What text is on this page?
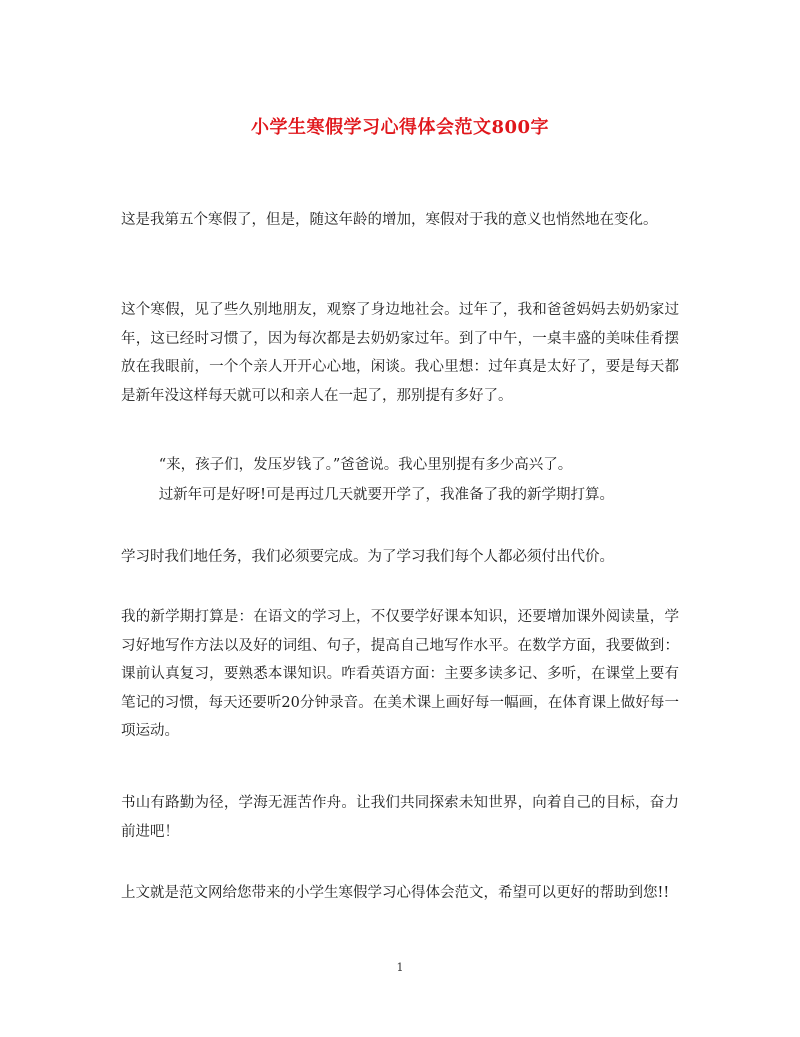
小学生寒假学习心得体会范文800字

这是我第五个寒假了，但是，随这年龄的增加，寒假对于我的意义也悄然地在变化。

这个寒假，见了些久别地朋友，观察了身边地社会。过年了，我和爸爸妈妈去奶奶家过年，这已经时习惯了，因为每次都是去奶奶家过年。到了中午，一桌丰盛的美味佳肴摆放在我眼前，一个个亲人开开心心地，闲谈。我心里想：过年真是太好了，要是每天都是新年没这样每天就可以和亲人在一起了，那别提有多好了。

“来，孩子们，发压岁钱了。”爸爸说。我心里别提有多少高兴了。

过新年可是好呀!可是再过几天就要开学了，我准备了我的新学期打算。

学习时我们地任务，我们必须要完成。为了学习我们每个人都必须付出代价。

我的新学期打算是：在语文的学习上，不仅要学好课本知识，还要增加课外阅读量，学习好地写作方法以及好的词组、句子，提高自己地写作水平。在数学方面，我要做到：课前认真复习，要熟悉本课知识。咋看英语方面：主要多读多记、多听，在课堂上要有笔记的习惯，每天还要听20分钟录音。在美术课上画好每一幅画，在体育课上做好每一项运动。

书山有路勤为径，学海无涯苦作舟。让我们共同探索未知世界，向着自己的目标，奋力前进吧！

上文就是范文网给您带来的小学生寒假学习心得体会范文，希望可以更好的帮助到您!!

1
